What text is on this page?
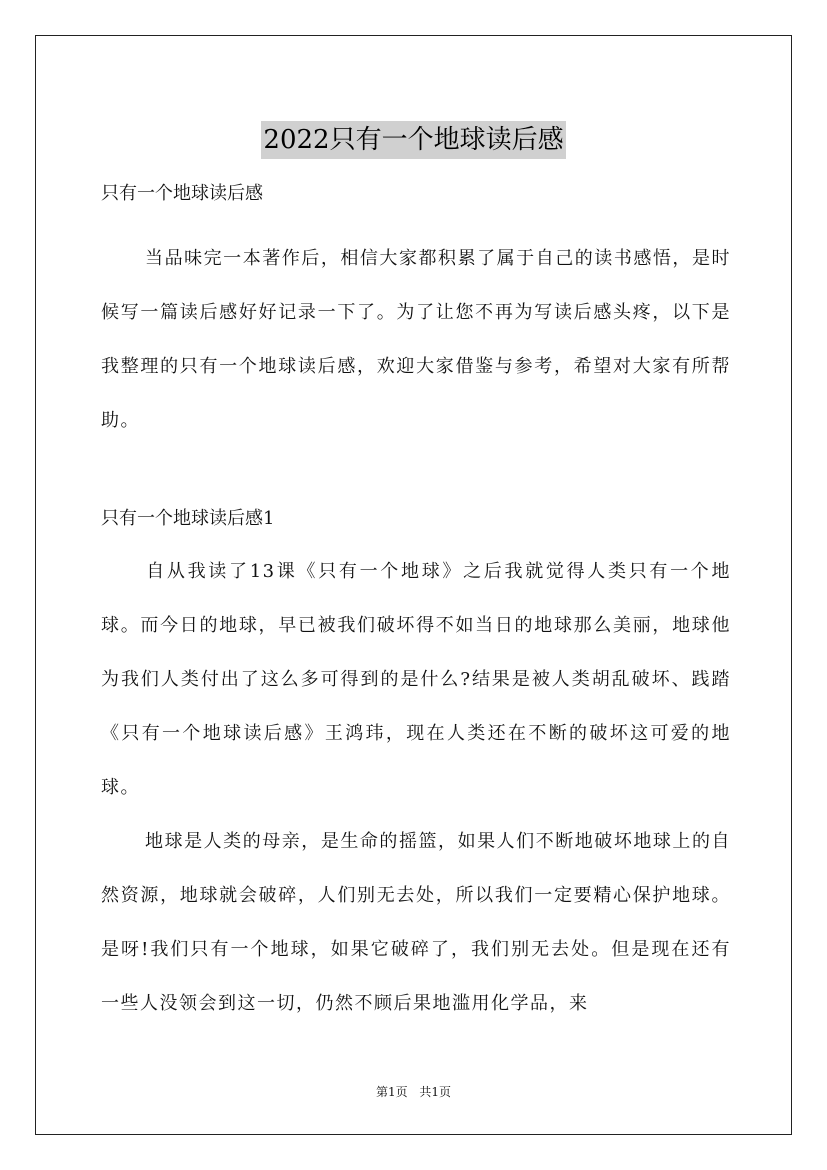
2022只有一个地球读后感
只有一个地球读后感

当品味完一本著作后，相信大家都积累了属于自己的读书感悟，是时候写一篇读后感好好记录一下了。为了让您不再为写读后感头疼，以下是我整理的只有一个地球读后感，欢迎大家借鉴与参考，希望对大家有所帮助。

只有一个地球读后感1

自从我读了13课《只有一个地球》之后我就觉得人类只有一个地球。而今日的地球，早已被我们破坏得不如当日的地球那么美丽，地球他为我们人类付出了这么多可得到的是什么?结果是被人类胡乱破坏、践踏《只有一个地球读后感》王鸿玮，现在人类还在不断的破坏这可爱的地球。

地球是人类的母亲，是生命的摇篮，如果人们不断地破坏地球上的自然资源，地球就会破碎，人们别无去处，所以我们一定要精心保护地球。是呀!我们只有一个地球，如果它破碎了，我们别无去处。但是现在还有一些人没领会到这一切，仍然不顾后果地滥用化学品，来

第1页 共1页
